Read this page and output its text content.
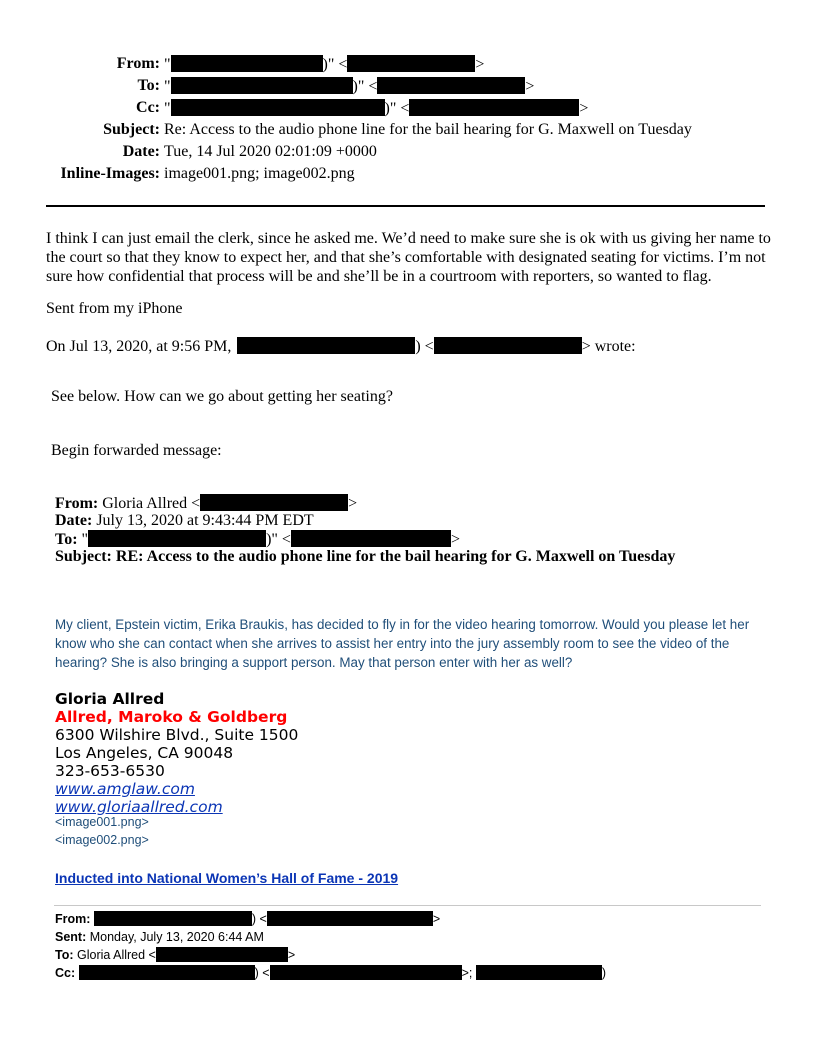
From: "	)" <	>
To: "	)" <	>
Cc: "	)" <	>
Subject: Re: Access to the audio phone line for the bail hearing for G. Maxwell on Tuesday
Date: Tue, 14 Jul 2020 02:01:09 +0000
Inline-Images: image001.png; image002.png
I think I can just email the clerk, since he asked me. We’d need to make sure she is ok with us giving her name to
the court so that they know to expect her, and that she’s comfortable with designated seating for victims. I’m not
sure how confidential that process will be and she’ll be in a courtroom with reporters, so wanted to flag.
Sent from my iPhone
On Jul 13, 2020, at 9:56 PM,	) <	> wrote:
See below. How can we go about getting her seating?
Begin forwarded message:
From: Gloria Allred <	>
Date: July 13, 2020 at 9:43:44 PM EDT
To: "	)" <	>
Subject: RE: Access to the audio phone line for the bail hearing for G. Maxwell on Tuesday
My client, Epstein victim, Erika Braukis, has decided to fly in for the video hearing tomorrow. Would you please let her
know who she can contact when she arrives to assist her entry into the jury assembly room to see the video of the
hearing? She is also bringing a support person. May that person enter with her as well?
Gloria Allred
Allred, Maroko & Goldberg
6300 Wilshire Blvd., Suite 1500
Los Angeles, CA 90048
323-653-6530
www.amglaw.com
www.gloriaallred.com
<image001.png>
<image002.png>
Inducted into National Women’s Hall of Fame - 2019
From:	) <	>
Sent: Monday, July 13, 2020 6:44 AM
To: Gloria Allred <	>
Cc:	) <	>;	)
